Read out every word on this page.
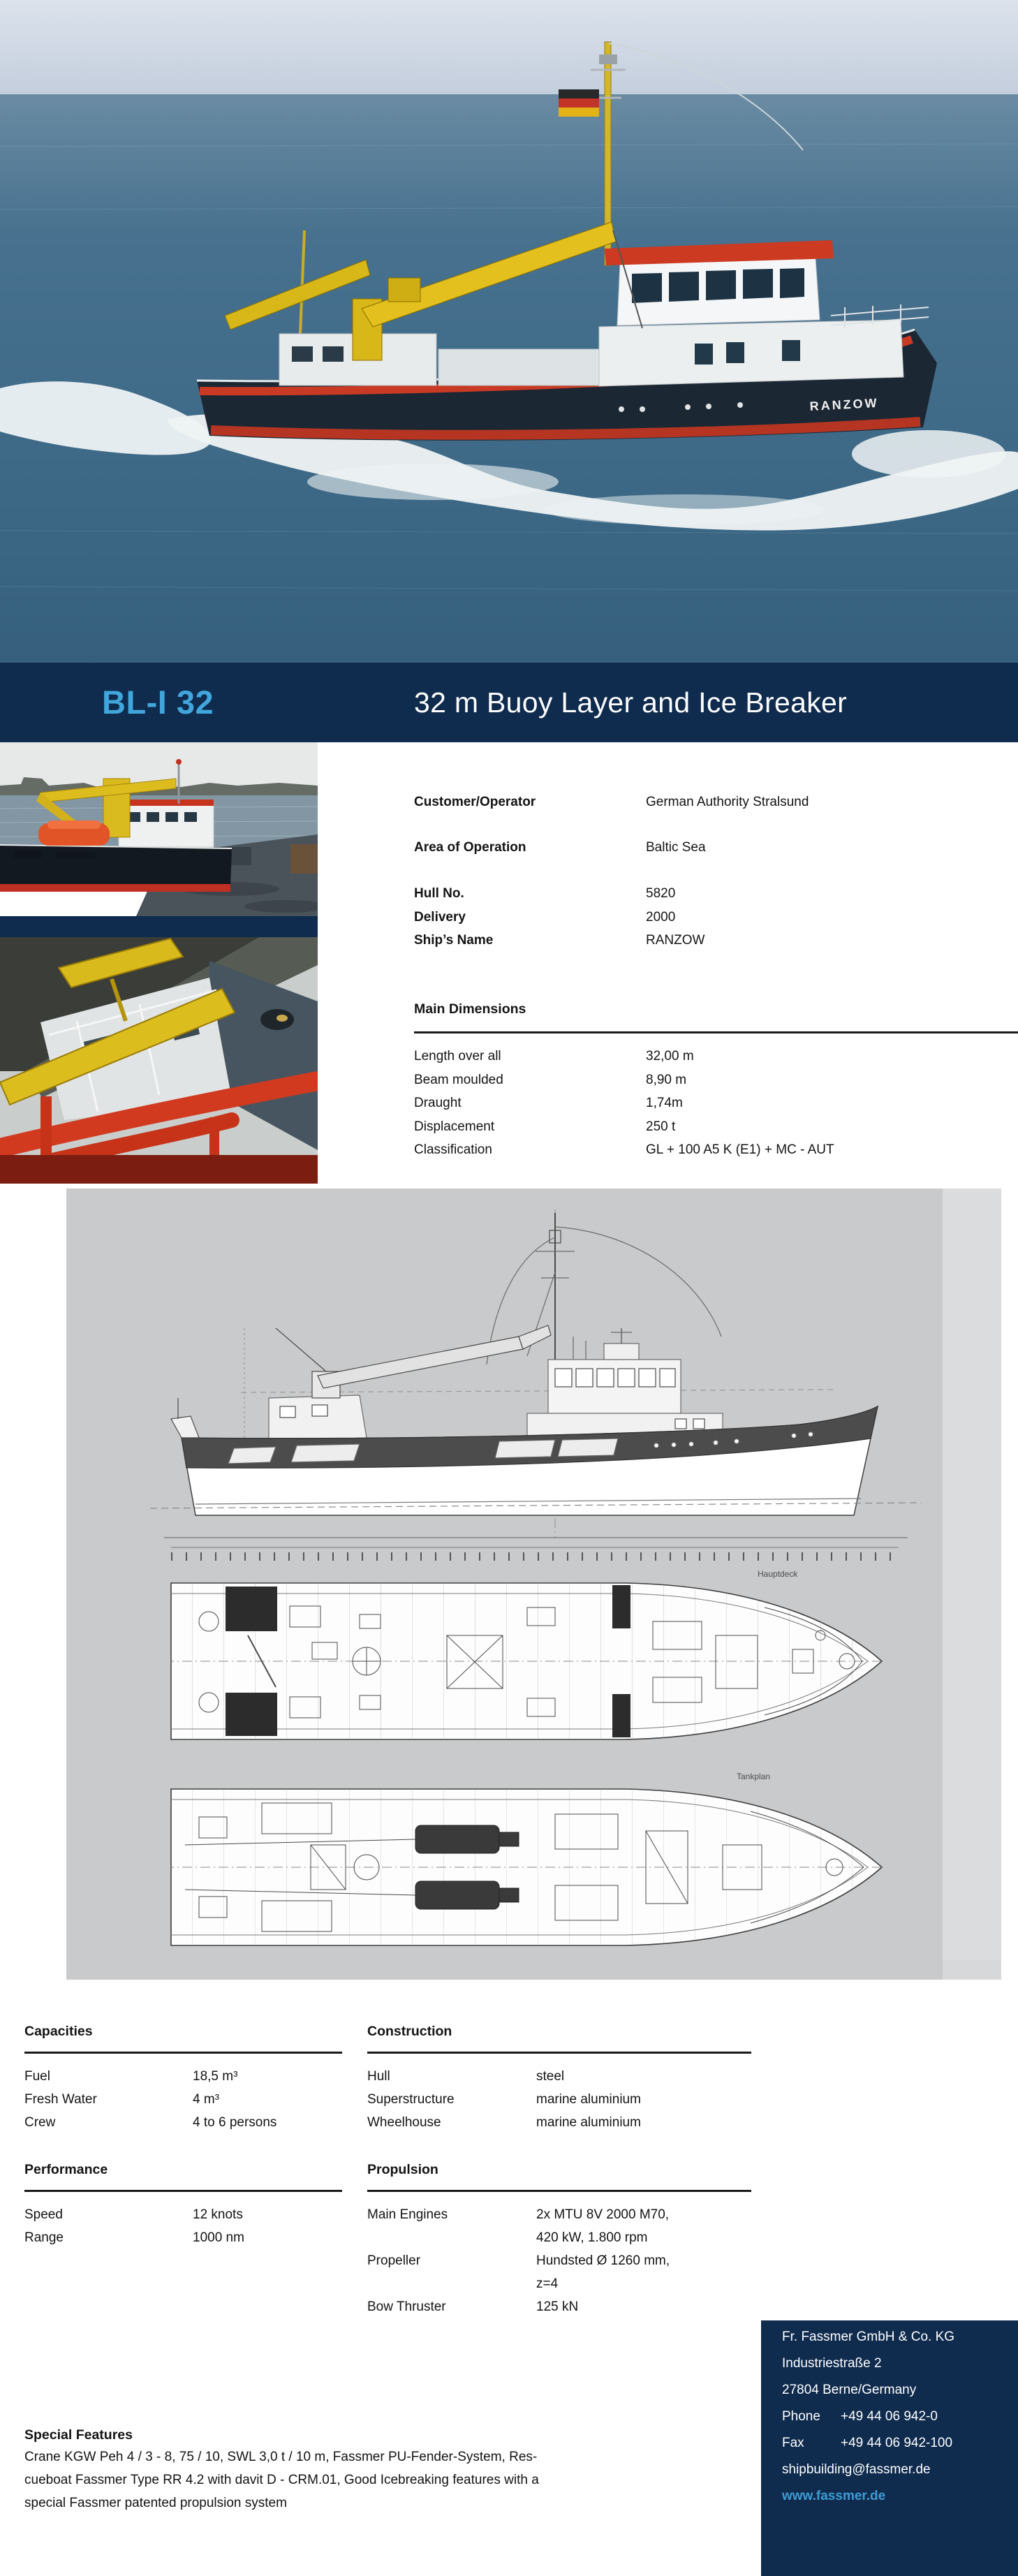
RANZOW
BL-I 32	32 m Buoy Layer and Ice Breaker
Customer/Operator	German Authority Stralsund
Area of Operation	Baltic Sea
Hull No.	5820
Delivery	2000
Ship’s Name	RANZOW
Main Dimensions
Length over all	32,00 m
Beam moulded	8,90 m
Draught	1,74m
Displacement	250 t
Classification	GL + 100 A5 K (E1) + MC - AUT
Hauptdeck
Tankplan
Capacities
Fuel	18,5 m³
Fresh Water	4 m³
Crew	4 to 6 persons
Construction
Hull	steel
Superstructure	marine aluminium
Wheelhouse	marine aluminium
Performance
Speed	12 knots
Range	1000 nm
Propulsion
Main Engines	2x MTU 8V 2000 M70,
420 kW, 1.800 rpm
Propeller	Hundsted Ø 1260 mm,
z=4
Bow Thruster	125 kN
Special Features
Crane KGW Peh 4 / 3 - 8, 75 / 10, SWL 3,0 t / 10 m, Fassmer PU-Fender-System, Res-
cueboat Fassmer Type RR 4.2 with davit D - CRM.01, Good Icebreaking features with a
special Fassmer patented propulsion system
Fr. Fassmer GmbH & Co. KG
Industriestraße 2
27804 Berne/Germany
Phone +49 44 06 942-0
Fax	+49 44 06 942-100
shipbuilding@fassmer.de
www.fassmer.de
